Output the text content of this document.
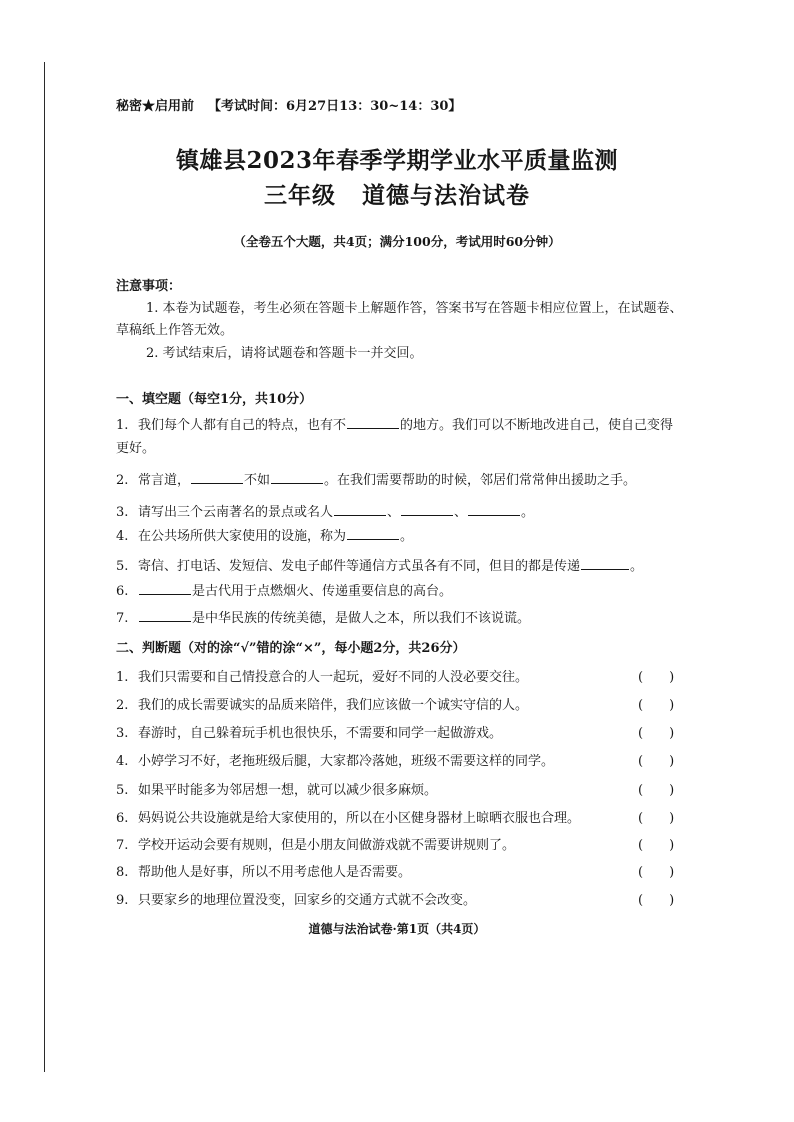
秘密★启用前 【考试时间：6月27日13：30~14：30】
镇雄县2023年春季学期学业水平质量监测
三年级 道德与法治试卷
（全卷五个大题，共4页；满分100分，考试用时60分钟）
注意事项：
1. 本卷为试题卷，考生必须在答题卡上解题作答，答案书写在答题卡相应位置上，在试题卷、草稿纸上作答无效。
2. 考试结束后，请将试题卷和答题卡一并交回。
一、填空题（每空1分，共10分）
1. 我们每个人都有自己的特点，也有不	的地方。我们可以不断地改进自己，使自己变得更好。
2. 常言道，	不如	。在我们需要帮助的时候，邻居们常常伸出援助之手。
3. 请写出三个云南著名的景点或名人	、	、	。
4. 在公共场所供大家使用的设施，称为	。
5. 寄信、打电话、发短信、发电子邮件等通信方式虽各有不同，但目的都是传递	。
6.	是古代用于点燃烟火、传递重要信息的高台。
7.	是中华民族的传统美德，是做人之本，所以我们不该说谎。
二、判断题（对的涂“√”错的涂“×”，每小题2分，共26分）
1. 我们只需要和自己情投意合的人一起玩，爱好不同的人没必要交往。	( )
2. 我们的成长需要诚实的品质来陪伴，我们应该做一个诚实守信的人。	( )
3. 春游时，自己躲着玩手机也很快乐，不需要和同学一起做游戏。	( )
4. 小婷学习不好，老拖班级后腿，大家都冷落她，班级不需要这样的同学。	( )
5. 如果平时能多为邻居想一想，就可以减少很多麻烦。	( )
6. 妈妈说公共设施就是给大家使用的，所以在小区健身器材上晾晒衣服也合理。	( )
7. 学校开运动会要有规则，但是小朋友间做游戏就不需要讲规则了。	( )
8. 帮助他人是好事，所以不用考虑他人是否需要。	( )
9. 只要家乡的地理位置没变，回家乡的交通方式就不会改变。	( )
道德与法治试卷·第1页（共4页）
